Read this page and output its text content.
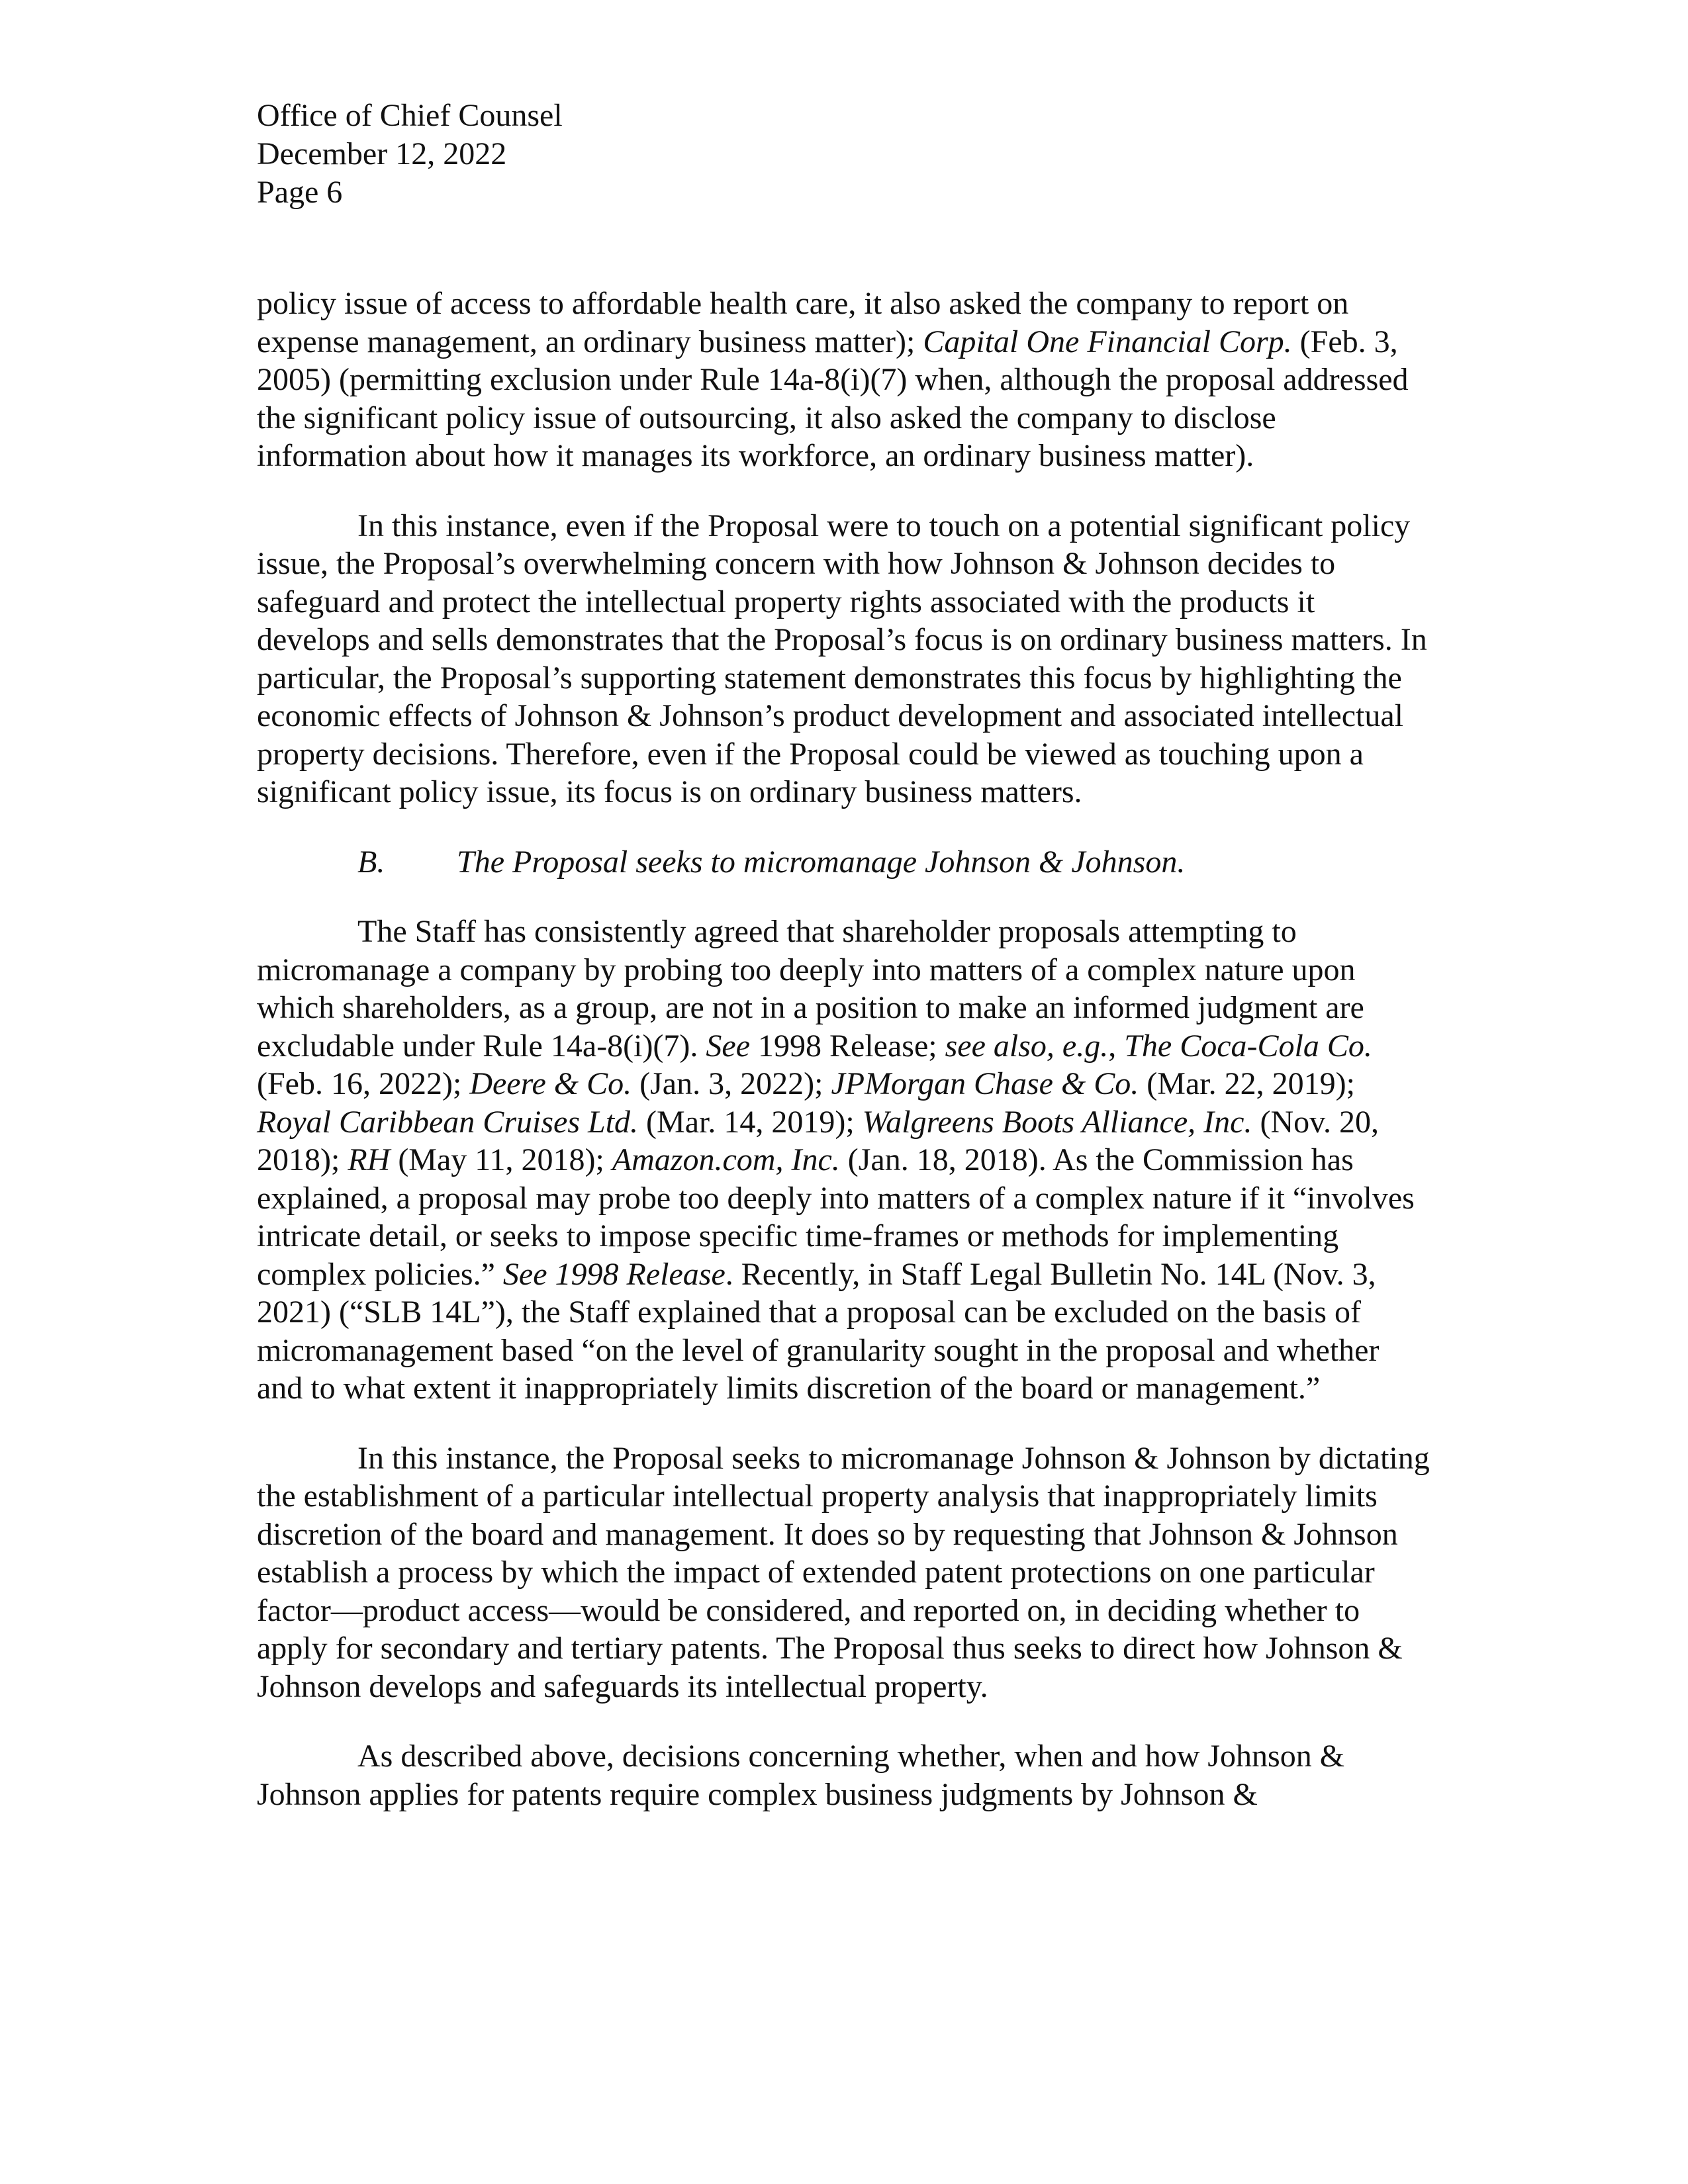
Office of Chief Counsel
December 12, 2022
Page 6

policy issue of access to affordable health care, it also asked the company to report on expense management, an ordinary business matter); Capital One Financial Corp. (Feb. 3, 2005) (permitting exclusion under Rule 14a-8(i)(7) when, although the proposal addressed the significant policy issue of outsourcing, it also asked the company to disclose information about how it manages its workforce, an ordinary business matter).

In this instance, even if the Proposal were to touch on a potential significant policy issue, the Proposal’s overwhelming concern with how Johnson & Johnson decides to safeguard and protect the intellectual property rights associated with the products it develops and sells demonstrates that the Proposal’s focus is on ordinary business matters. In particular, the Proposal’s supporting statement demonstrates this focus by highlighting the economic effects of Johnson & Johnson’s product development and associated intellectual property decisions. Therefore, even if the Proposal could be viewed as touching upon a significant policy issue, its focus is on ordinary business matters.

B. The Proposal seeks to micromanage Johnson & Johnson.

The Staff has consistently agreed that shareholder proposals attempting to micromanage a company by probing too deeply into matters of a complex nature upon which shareholders, as a group, are not in a position to make an informed judgment are excludable under Rule 14a-8(i)(7). See 1998 Release; see also, e.g., The Coca-Cola Co. (Feb. 16, 2022); Deere & Co. (Jan. 3, 2022); JPMorgan Chase & Co. (Mar. 22, 2019); Royal Caribbean Cruises Ltd. (Mar. 14, 2019); Walgreens Boots Alliance, Inc. (Nov. 20, 2018); RH (May 11, 2018); Amazon.com, Inc. (Jan. 18, 2018). As the Commission has explained, a proposal may probe too deeply into matters of a complex nature if it “involves intricate detail, or seeks to impose specific time-frames or methods for implementing complex policies.” See 1998 Release. Recently, in Staff Legal Bulletin No. 14L (Nov. 3, 2021) (“SLB 14L”), the Staff explained that a proposal can be excluded on the basis of micromanagement based “on the level of granularity sought in the proposal and whether and to what extent it inappropriately limits discretion of the board or management.”

In this instance, the Proposal seeks to micromanage Johnson & Johnson by dictating the establishment of a particular intellectual property analysis that inappropriately limits discretion of the board and management. It does so by requesting that Johnson & Johnson establish a process by which the impact of extended patent protections on one particular factor—product access—would be considered, and reported on, in deciding whether to apply for secondary and tertiary patents. The Proposal thus seeks to direct how Johnson & Johnson develops and safeguards its intellectual property.

As described above, decisions concerning whether, when and how Johnson & Johnson applies for patents require complex business judgments by Johnson &
